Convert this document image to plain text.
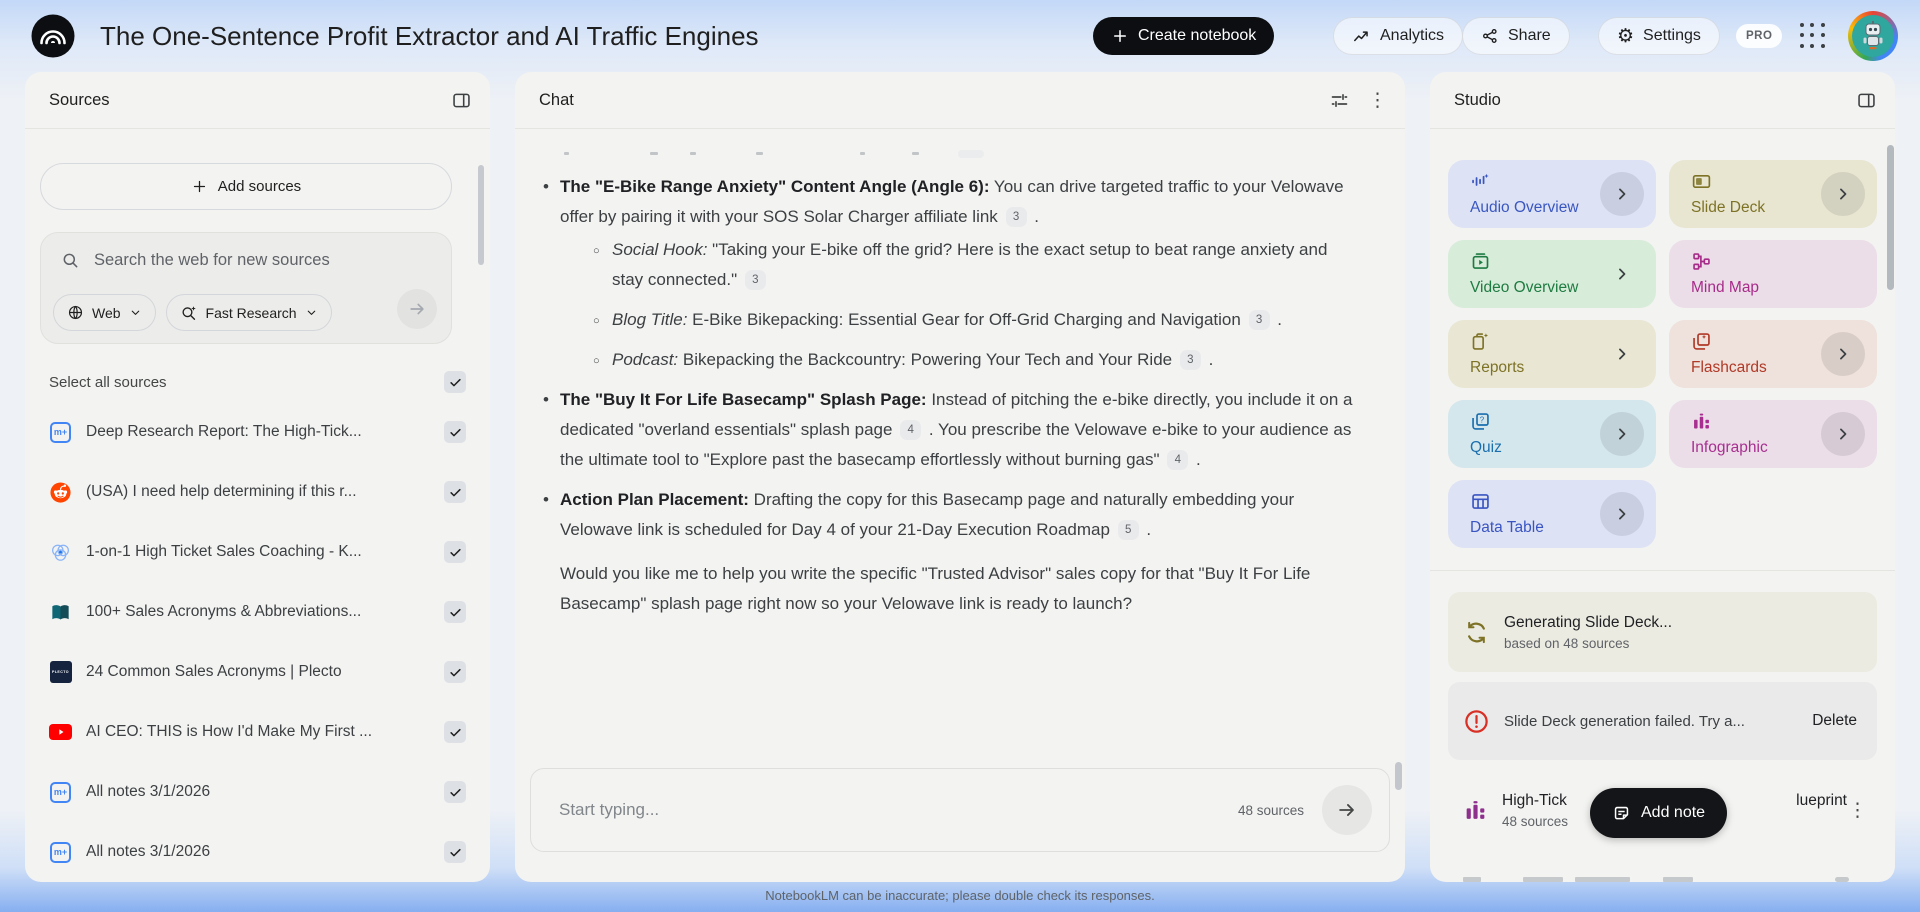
The One-Sentence Profit Extractor and AI Traffic Engines	Create notebook	Analytics	Share	⚙︎ Settings	PRO
Sources
Add sources
Search the web for new sources
Web	Fast Research
Select all sources
m+ Deep Research Report: The High-Tick...
(USA) I need help determining if this r...
1-on-1 High Ticket Sales Coaching - K...
100+ Sales Acronyms & Abbreviations...
PLECTO 24 Common Sales Acronyms | Plecto
AI CEO: THIS is How I'd Make My First ...
m+ All notes 3/1/2026
m+ All notes 3/1/2026
Chat	⋮
• The "E-Bike Range Anxiety" Content Angle (Angle 6): You can drive targeted traffic to your Velowave offer by pairing it with your SOS Solar Charger affiliate link 3 .
○ Social Hook: "Taking your E-bike off the grid? Here is the exact setup to beat range anxiety and stay connected." 3
○ Blog Title: E-Bike Bikepacking: Essential Gear for Off-Grid Charging and Navigation 3 .
○ Podcast: Bikepacking the Backcountry: Powering Your Tech and Your Ride 3 .
• The "Buy It For Life Basecamp" Splash Page: Instead of pitching the e-bike directly, you include it on a dedicated "overland essentials" splash page 4 . You prescribe the Velowave e-bike to your audience as the ultimate tool to "Explore past the basecamp effortlessly without burning gas" 4 .
• Action Plan Placement: Drafting the copy for this Basecamp page and naturally embedding your Velowave link is scheduled for Day 4 of your 21-Day Execution Roadmap 5 .
Would you like me to help you write the specific "Trusted Advisor" sales copy for that "Buy It For Life Basecamp" splash page right now so your Velowave link is ready to launch?
Start typing...
48 sources
Studio
Audio Overview	Slide Deck
Video Overview	Mind Map
Reports	Flashcards
?
Quiz	Infographic
Data Table
Generating Slide Deck...
based on 48 sources
Slide Deck generation failed. Try a...	Delete
High-Tick	lueprint
48 sources
⋮
Add note
NotebookLM can be inaccurate; please double check its responses.
